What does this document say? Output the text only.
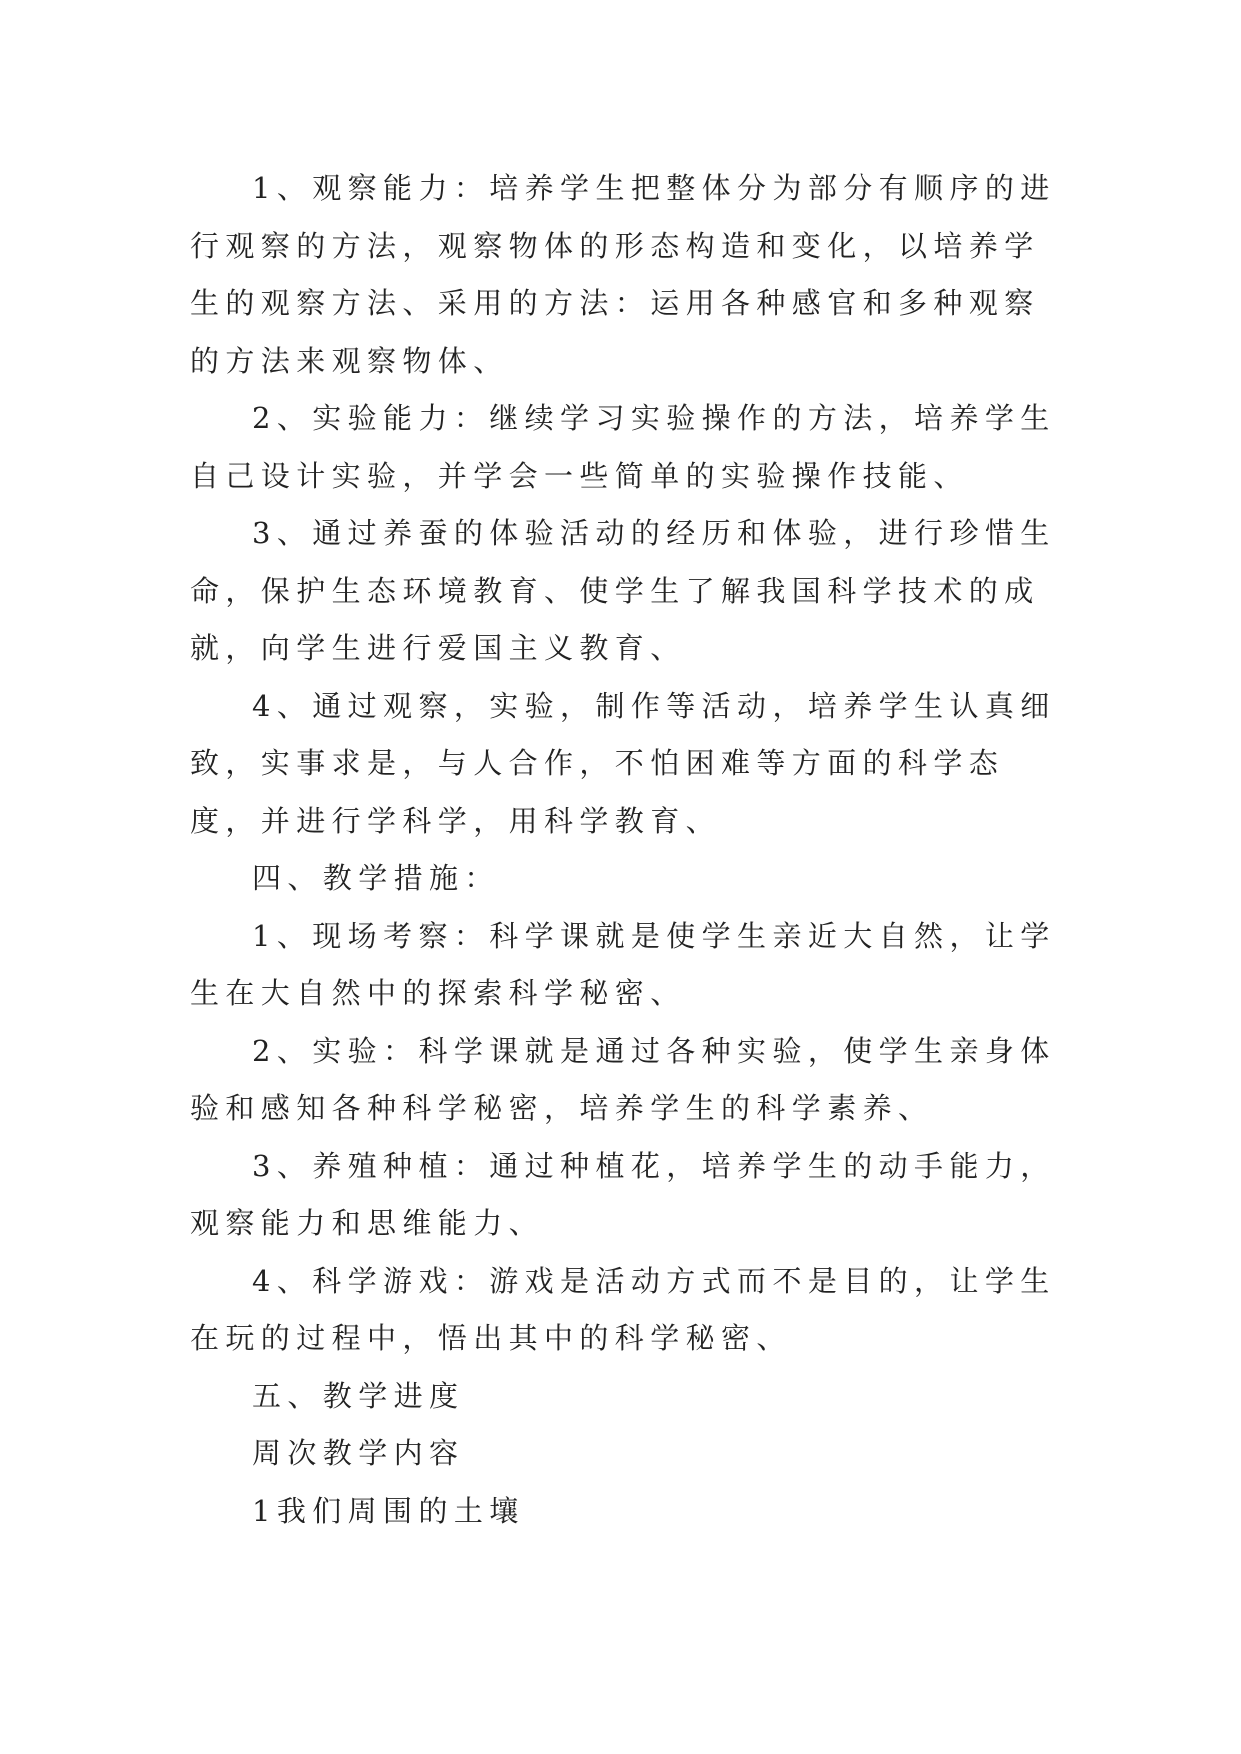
1、观察能力：培养学生把整体分为部分有顺序的进行观察的方法，观察物体的形态构造和变化，以培养学生的观察方法、采用的方法：运用各种感官和多种观察的方法来观察物体、

2、实验能力：继续学习实验操作的方法，培养学生自己设计实验，并学会一些简单的实验操作技能、

3、通过养蚕的体验活动的经历和体验，进行珍惜生命，保护生态环境教育、使学生了解我国科学技术的成就，向学生进行爱国主义教育、

4、通过观察，实验，制作等活动，培养学生认真细致，实事求是，与人合作，不怕困难等方面的科学态度，并进行学科学，用科学教育、

四、教学措施：

1、现场考察：科学课就是使学生亲近大自然，让学生在大自然中的探索科学秘密、

2、实验：科学课就是通过各种实验，使学生亲身体验和感知各种科学秘密，培养学生的科学素养、

3、养殖种植：通过种植花，培养学生的动手能力，观察能力和思维能力、

4、科学游戏：游戏是活动方式而不是目的，让学生在玩的过程中，悟出其中的科学秘密、

五、教学进度

周次教学内容

1我们周围的土壤
